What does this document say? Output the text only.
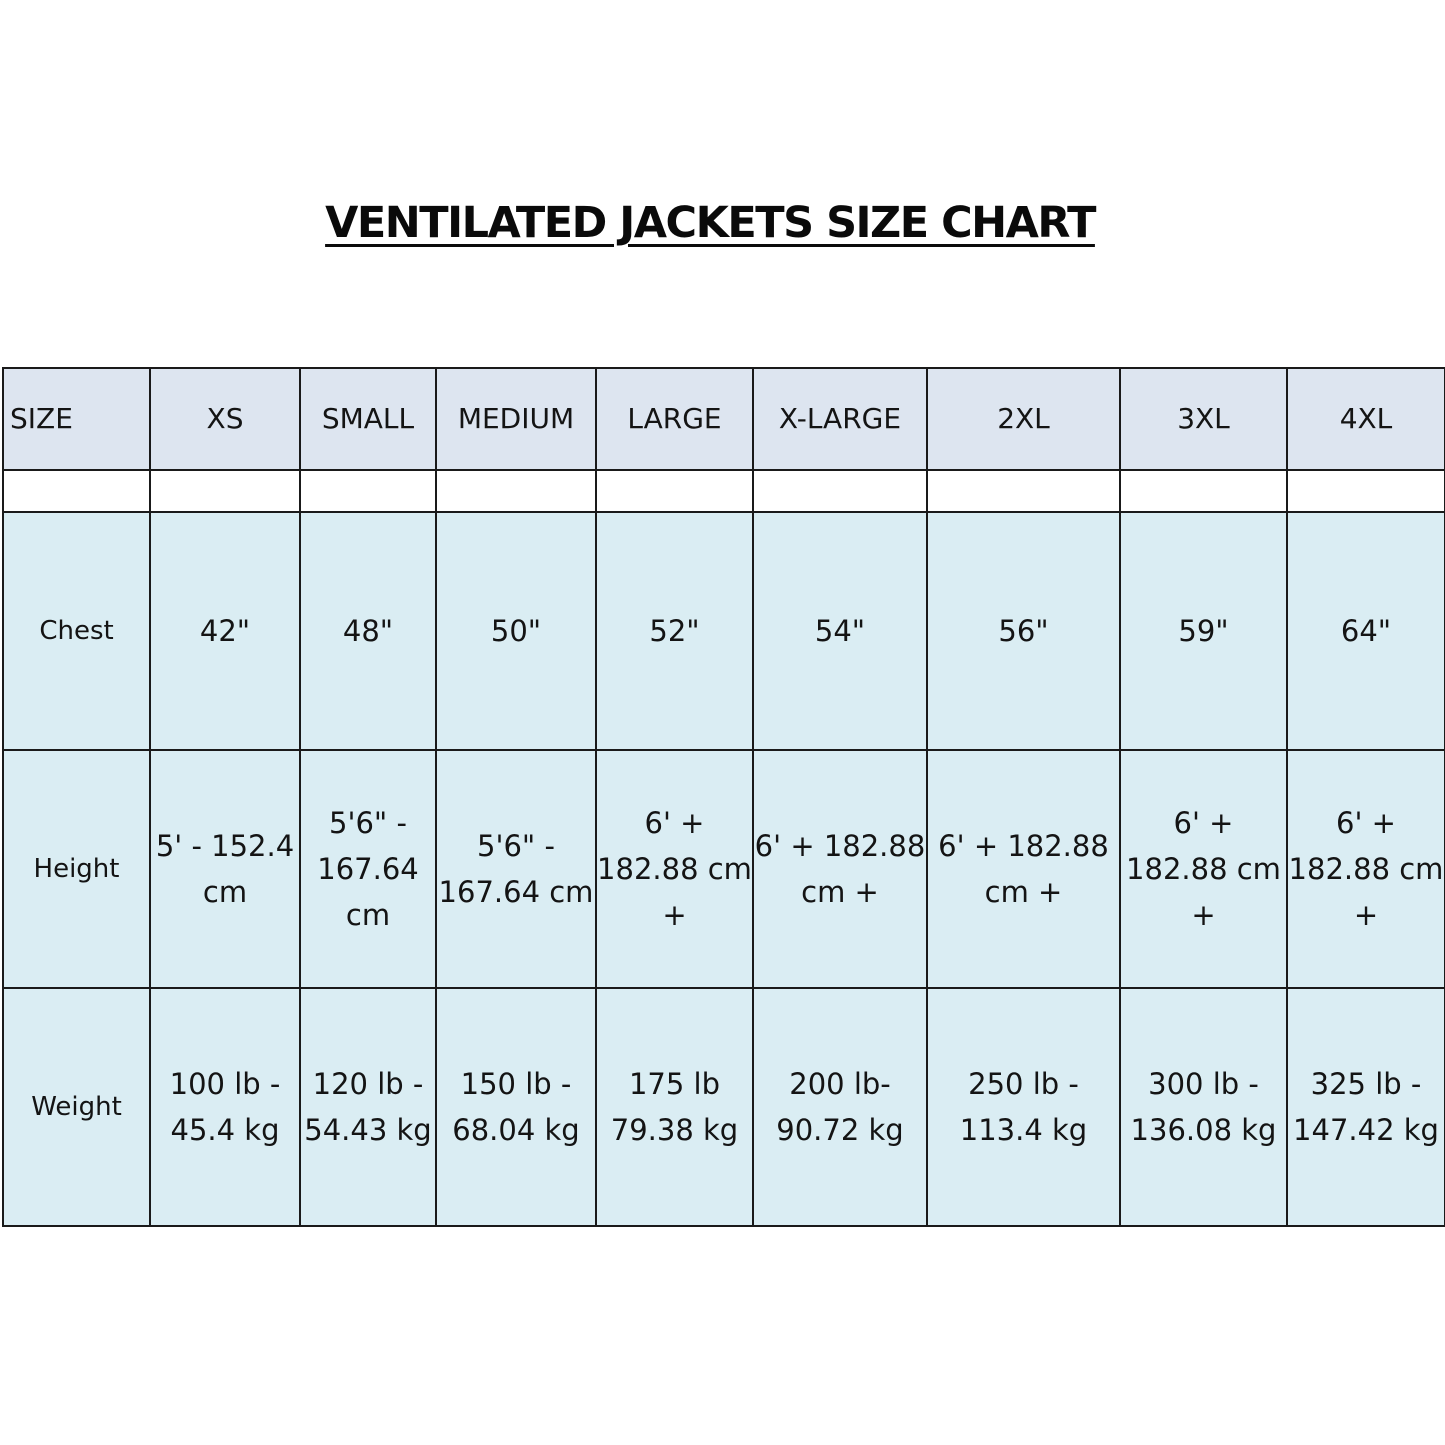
VENTILATED JACKETS SIZE CHART
SIZE	XS	SMALL	MEDIUM	LARGE	X-LARGE	2XL	3XL	4XL

Chest	42"	48"	50"	52"	54"	56"	59"	64"
Height	5' - 152.4 cm	5'6" - 167.64 cm	5'6" - 167.64 cm	6' + 182.88 cm +	6' + 182.88 cm +	6' + 182.88 cm +	6' + 182.88 cm +	6' + 182.88 cm +
Weight	100 lb - 45.4 kg	120 lb - 54.43 kg	150 lb - 68.04 kg	175 lb 79.38 kg	200 lb- 90.72 kg	250 lb - 113.4 kg	300 lb - 136.08 kg	325 lb - 147.42 kg
